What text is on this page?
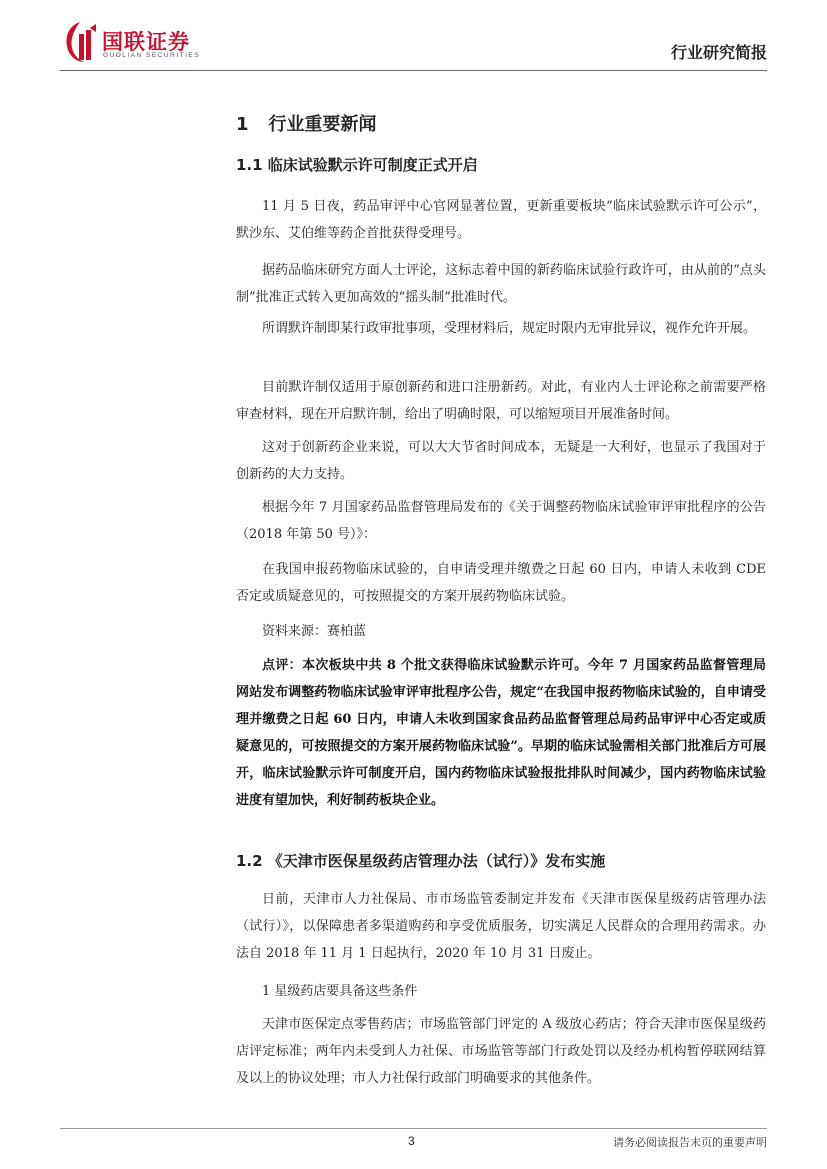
国联证券
GUOLIAN SECURITIES	行业研究简报
1 行业重要新闻
1.1 临床试验默示许可制度正式开启

11 月 5 日夜，药品审评中心官网显著位置，更新重要板块“临床试验默示许可公示”，默沙东、艾伯维等药企首批获得受理号。

据药品临床研究方面人士评论，这标志着中国的新药临床试验行政许可，由从前的“点头制”批准正式转入更加高效的“摇头制”批准时代。

所谓默许制即某行政审批事项，受理材料后，规定时限内无审批异议，视作允许开展。

目前默许制仅适用于原创新药和进口注册新药。对此，有业内人士评论称之前需要严格审查材料，现在开启默许制，给出了明确时限，可以缩短项目开展准备时间。

这对于创新药企业来说，可以大大节省时间成本，无疑是一大利好，也显示了我国对于创新药的大力支持。

根据今年 7 月国家药品监督管理局发布的《关于调整药物临床试验审评审批程序的公告（2018 年第 50 号）》：

在我国申报药物临床试验的，自申请受理并缴费之日起 60 日内，申请人未收到 CDE 否定或质疑意见的，可按照提交的方案开展药物临床试验。

资料来源：赛柏蓝

点评：本次板块中共 8 个批文获得临床试验默示许可。今年 7 月国家药品监督管理局网站发布调整药物临床试验审评审批程序公告，规定“在我国申报药物临床试验的，自申请受理并缴费之日起 60 日内，申请人未收到国家食品药品监督管理总局药品审评中心否定或质疑意见的，可按照提交的方案开展药物临床试验”。早期的临床试验需相关部门批准后方可展开，临床试验默示许可制度开启，国内药物临床试验报批排队时间减少，国内药物临床试验进度有望加快，利好制药板块企业。

1.2 《天津市医保星级药店管理办法（试行）》发布实施

日前，天津市人力社保局、市市场监管委制定并发布《天津市医保星级药店管理办法（试行）》，以保障患者多渠道购药和享受优质服务，切实满足人民群众的合理用药需求。办法自 2018 年 11 月 1 日起执行，2020 年 10 月 31 日废止。

1 星级药店要具备这些条件

天津市医保定点零售药店；市场监管部门评定的 A 级放心药店；符合天津市医保星级药店评定标准；两年内未受到人力社保、市场监管等部门行政处罚以及经办机构暂停联网结算及以上的协议处理；市人力社保行政部门明确要求的其他条件。

3	请务必阅读报告末页的重要声明
